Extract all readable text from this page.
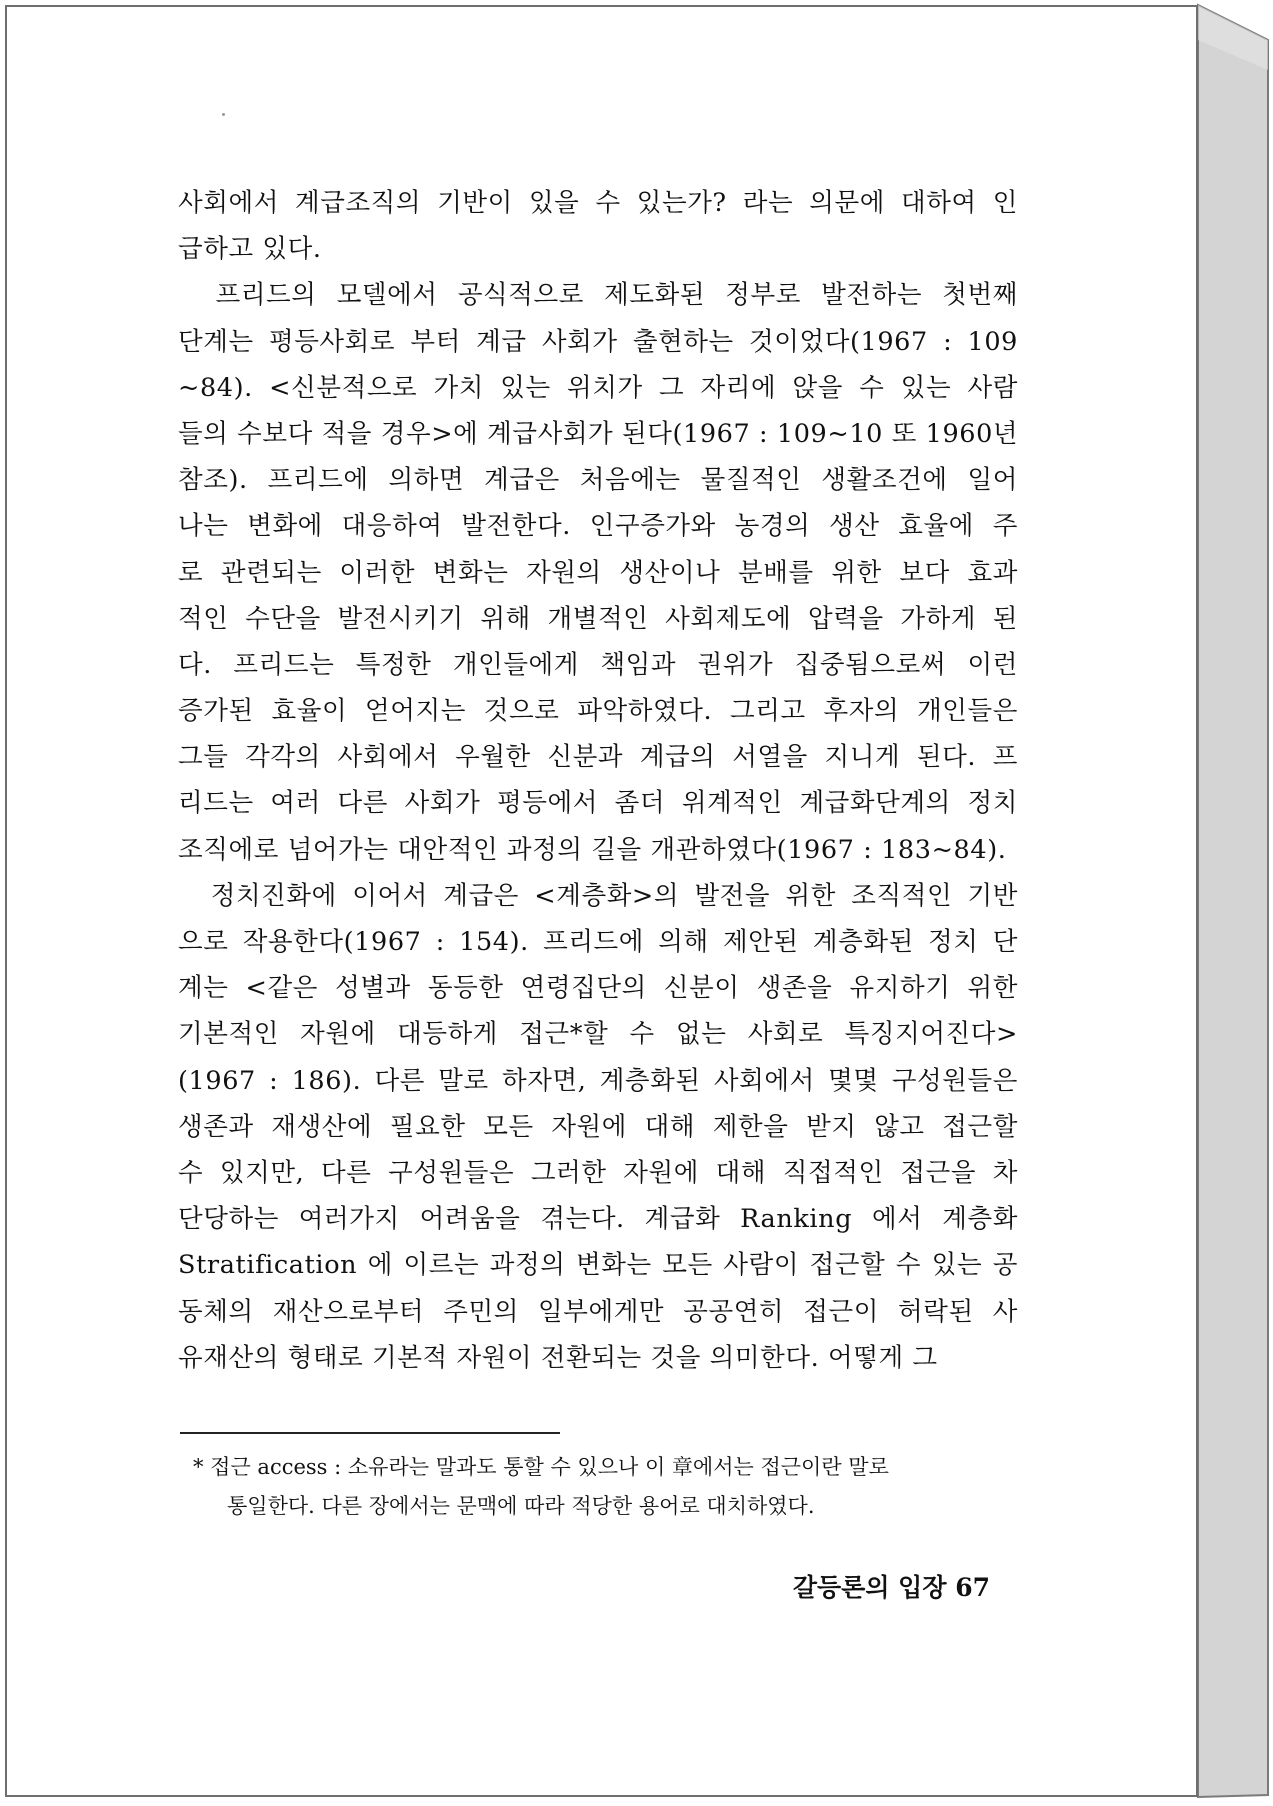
사회에서 계급조직의 기반이 있을 수 있는가? 라는 의문에 대하여 인
급하고 있다.
　프리드의 모델에서 공식적으로 제도화된 정부로 발전하는 첫번째
단계는 평등사회로 부터 계급 사회가 출현하는 것이었다(1967 : 109
~84). <신분적으로 가치 있는 위치가 그 자리에 앉을 수 있는 사람
들의 수보다 적을 경우>에 계급사회가 된다(1967 : 109~10 또 1960년
참조). 프리드에 의하면 계급은 처음에는 물질적인 생활조건에 일어
나는 변화에 대응하여 발전한다. 인구증가와 농경의 생산 효율에 주
로 관련되는 이러한 변화는 자원의 생산이나 분배를 위한 보다 효과
적인 수단을 발전시키기 위해 개별적인 사회제도에 압력을 가하게 된
다. 프리드는 특정한 개인들에게 책임과 권위가 집중됨으로써 이런
증가된 효율이 얻어지는 것으로 파악하였다. 그리고 후자의 개인들은
그들 각각의 사회에서 우월한 신분과 계급의 서열을 지니게 된다. 프
리드는 여러 다른 사회가 평등에서 좀더 위계적인 계급화단계의 정치
조직에로 넘어가는 대안적인 과정의 길을 개관하였다(1967 : 183~84).
　정치진화에 이어서 계급은 <계층화>의 발전을 위한 조직적인 기반
으로 작용한다(1967 : 154). 프리드에 의해 제안된 계층화된 정치 단
계는 <같은 성별과 동등한 연령집단의 신분이 생존을 유지하기 위한
기본적인 자원에 대등하게 접근*할 수 없는 사회로 특징지어진다>
(1967 : 186). 다른 말로 하자면, 계층화된 사회에서 몇몇 구성원들은
생존과 재생산에 필요한 모든 자원에 대해 제한을 받지 않고 접근할
수 있지만, 다른 구성원들은 그러한 자원에 대해 직접적인 접근을 차
단당하는 여러가지 어려움을 겪는다. 계급화 Ranking 에서 계층화
Stratification 에 이르는 과정의 변화는 모든 사람이 접근할 수 있는 공
동체의 재산으로부터 주민의 일부에게만 공공연히 접근이 허락된 사
유재산의 형태로 기본적 자원이 전환되는 것을 의미한다. 어떻게 그
* 접근 access : 소유라는 말과도 통할 수 있으나 이 章에서는 접근이란 말로
통일한다. 다른 장에서는 문맥에 따라 적당한 용어로 대치하였다.
갈등론의 입장 67
